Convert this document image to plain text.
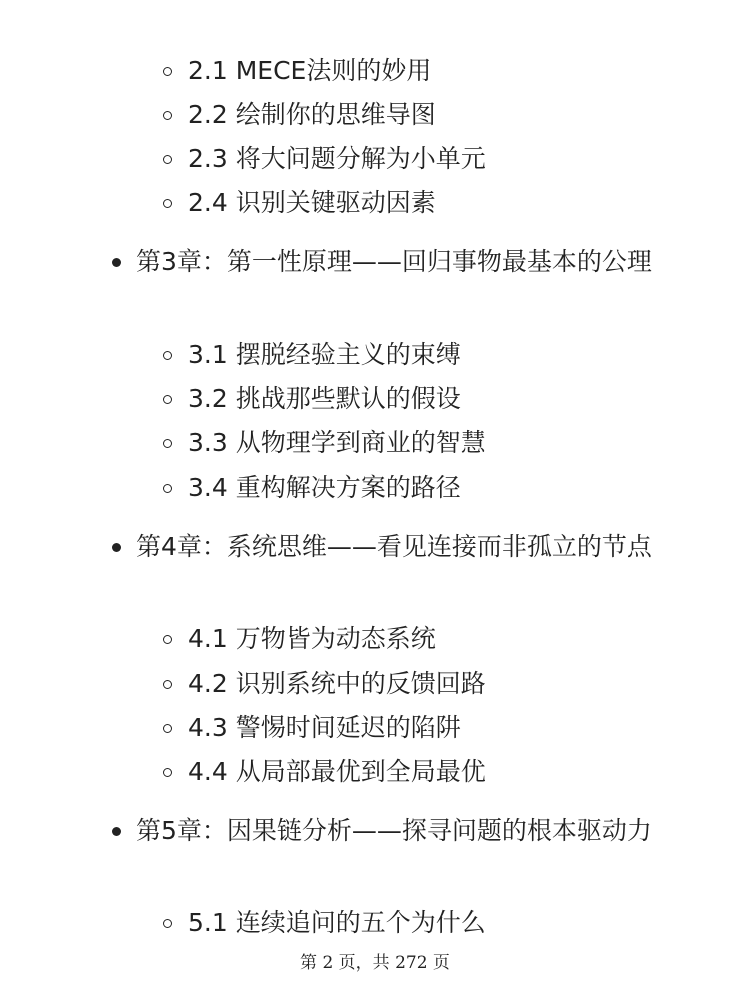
2.1 MECE法则的妙用
2.2 绘制你的思维导图
2.3 将大问题分解为小单元
2.4 识别关键驱动因素
第3章：第一性原理——回归事物最基本的公理
3.1 摆脱经验主义的束缚
3.2 挑战那些默认的假设
3.3 从物理学到商业的智慧
3.4 重构解决方案的路径
第4章：系统思维——看见连接而非孤立的节点
4.1 万物皆为动态系统
4.2 识别系统中的反馈回路
4.3 警惕时间延迟的陷阱
4.4 从局部最优到全局最优
第5章：因果链分析——探寻问题的根本驱动力
5.1 连续追问的五个为什么
第 2 页，共 272 页
